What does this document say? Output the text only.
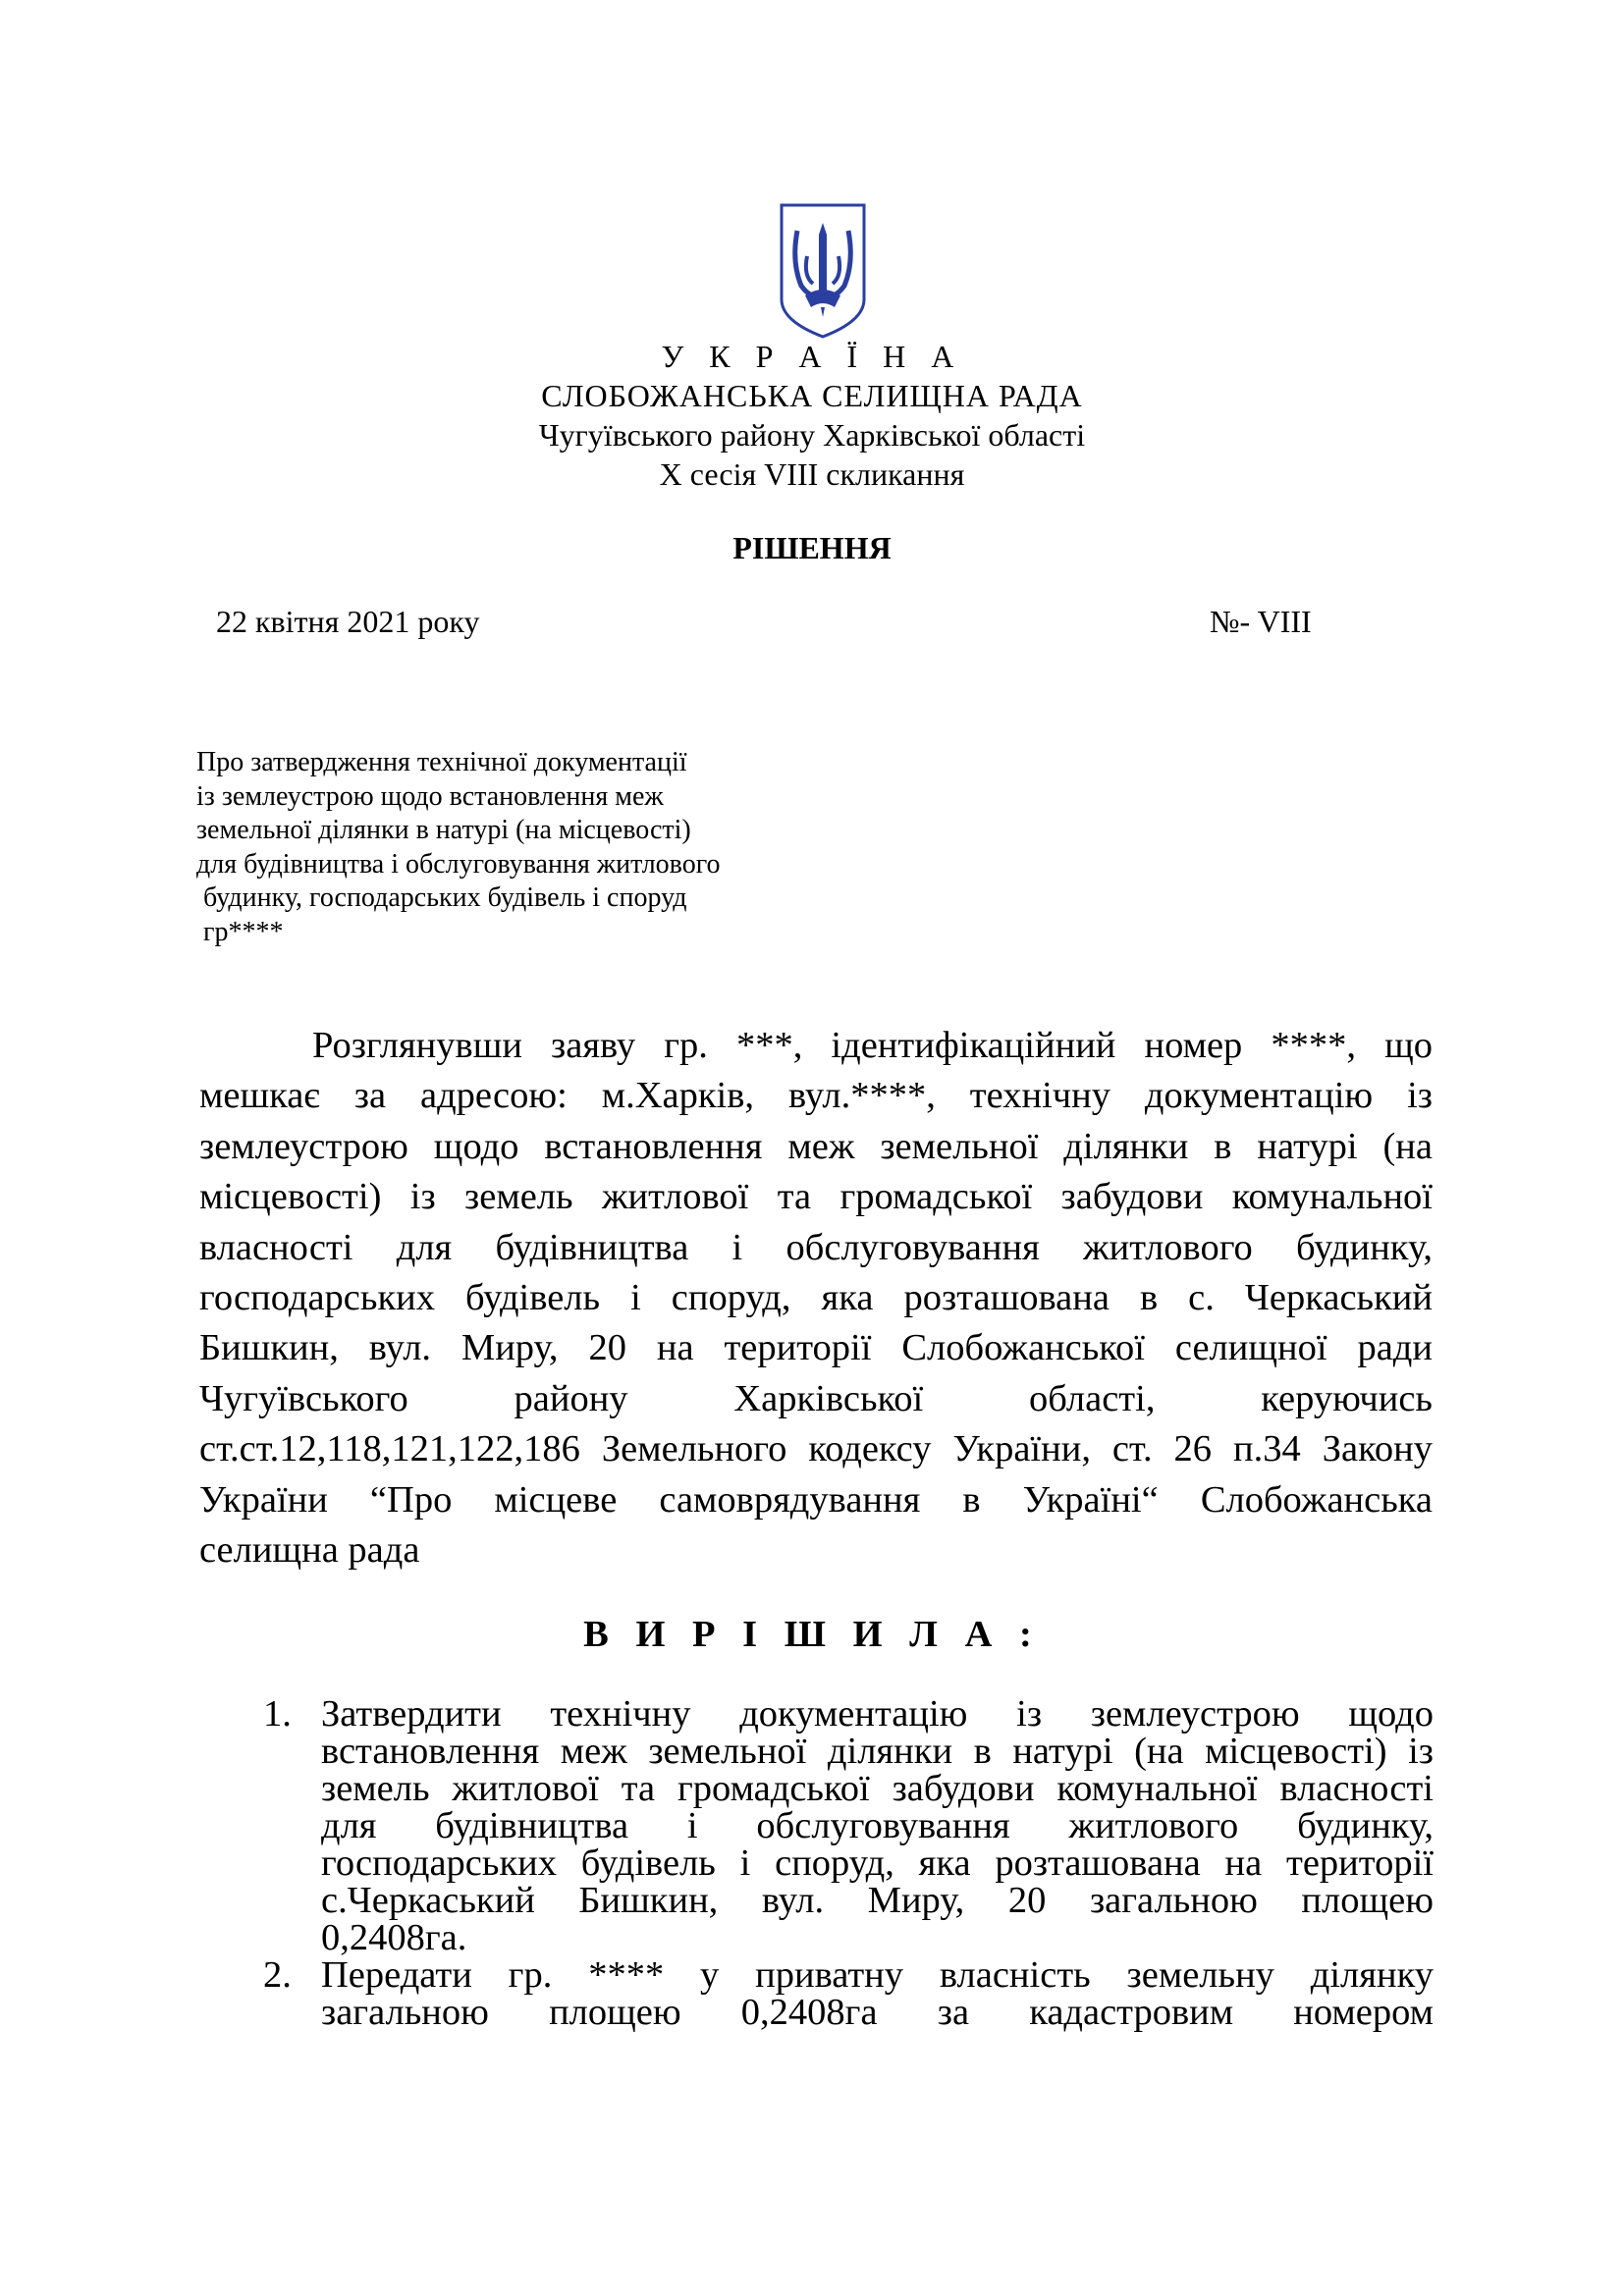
У К Р А Ї Н А
СЛОБОЖАНСЬКА СЕЛИЩНА РАДА
Чугуївського району Харківської області
Х сесія VIII скликання
РІШЕННЯ
22 квітня 2021 року	№- VIII
Про затвердження технічної документації
із землеустрою щодо встановлення меж
земельної ділянки в натурі (на місцевості)
для будівництва і обслуговування житлового
будинку, господарських будівель і споруд
гр****
Розглянувши заяву гр. ***, ідентифікаційний номер ****, що
мешкає за адресою: м.Харків, вул.****, технічну документацію із
землеустрою щодо встановлення меж земельної ділянки в натурі (на
місцевості) із земель житлової та громадської забудови комунальної
власності для будівництва і обслуговування житлового будинку,
господарських будівель і споруд, яка розташована в с. Черкаський
Бишкин, вул. Миру, 20 на території Слобожанської селищної ради
Чугуївського району Харківської області, керуючись
ст.ст.12,118,121,122,186 Земельного кодексу України, ст. 26 п.34 Закону
України “Про місцеве самоврядування в Україні“ Слобожанська
селищна рада
В И Р І Ш И Л А :
1. Затвердити технічну документацію із землеустрою щодо
встановлення меж земельної ділянки в натурі (на місцевості) із
земель житлової та громадської забудови комунальної власності
для будівництва і обслуговування житлового будинку,
господарських будівель і споруд, яка розташована на території
с.Черкаський Бишкин, вул. Миру, 20 загальною площею
0,2408га.
2. Передати гр. **** у приватну власність земельну ділянку
загальною площею 0,2408га за кадастровим номером
